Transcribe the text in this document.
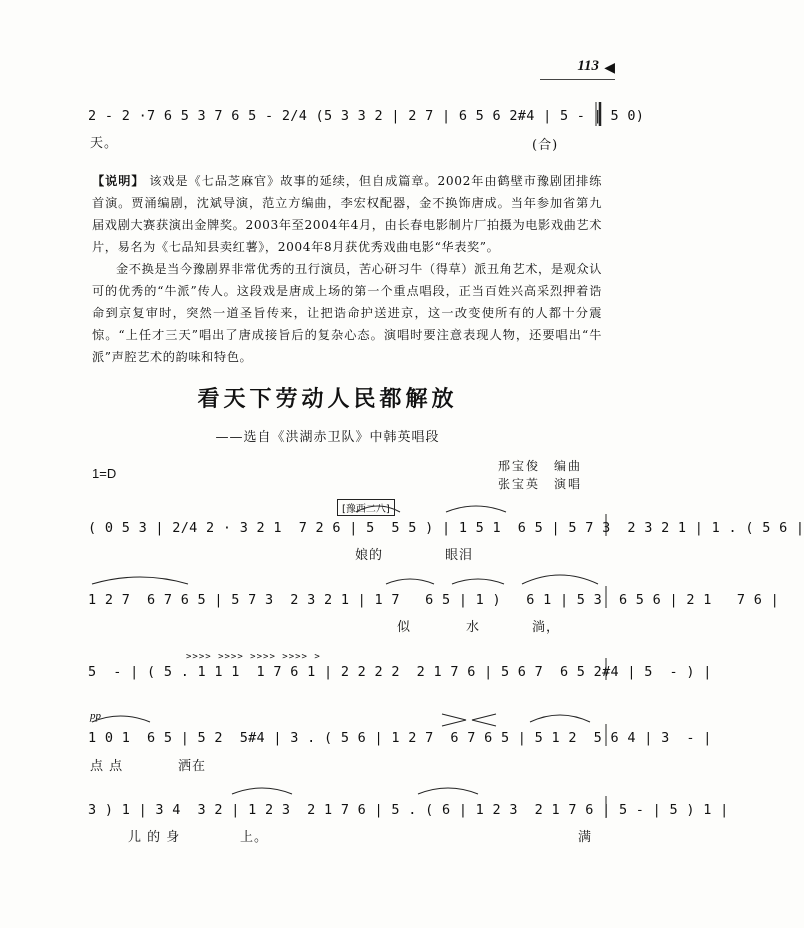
113 ◀
2 - 2 ·7 6 5 3 7 6 5 - 2/4 (5 3 3 2 | 2 7 | 6 5 6 2#4 | 5 - | 5 0)
天。	(合)
【说明】 该戏是《七品芝麻官》故事的延续，但自成篇章。2002年由鹤壁市豫剧团排练首演。贾涌编剧，沈斌导演，范立方编曲，李宏权配器，金不换饰唐成。当年参加省第九届戏剧大赛获演出金牌奖。2003年至2004年4月，由长春电影制片厂拍摄为电影戏曲艺术片，易名为《七品知县卖红薯》，2004年8月获优秀戏曲电影“华表奖”。
金不换是当今豫剧界非常优秀的丑行演员，苦心研习牛（得草）派丑角艺术，是观众认可的优秀的“牛派”传人。这段戏是唐成上场的第一个重点唱段，正当百姓兴高采烈押着诰命到京复审时，突然一道圣旨传来，让把诰命护送进京，这一改变使所有的人都十分震惊。“上任才三天”唱出了唐成接旨后的复杂心态。演唱时要注意表现人物，还要唱出“牛派”声腔艺术的韵味和特色。
看天下劳动人民都解放
——选自《洪湖赤卫队》中韩英唱段
1=D	邢宝俊　编曲
张宝英　演唱
[豫西二八]
( 0 5 3 | 2/4 2 · 3 2 1  7 2 6 | 5  5 5 ) | 1 5 1  6 5 | 5 7 3  2 3 2 1 | 1 . ( 5 6 |
娘的	眼泪
1 2 7  6 7 6 5 | 5 7 3  2 3 2 1 | 1 7   6 5 | 1 )   6 1 | 5 3  6 5 6 | 2 1   7 6 |
似	水	淌，
>>>> >>>> >>>> >>>> >
5  - | ( 5 . 1 1 1  1 7 6 1 | 2 2 2 2  2 1 7 6 | 5 6 7  6 5 2#4 | 5  - ) |
pp
1 0 1  6 5 | 5 2  5#4 | 3 . ( 5 6 | 1 2 7  6 7 6 5 | 5 1 2  5 6 4 | 3  - |
点 点	洒在
3 ) 1 | 3 4  3 2 | 1 2 3  2 1 7 6 | 5 . ( 6 | 1 2 3  2 1 7 6 | 5 - | 5 ) 1 |
儿 的 身	上。	满
